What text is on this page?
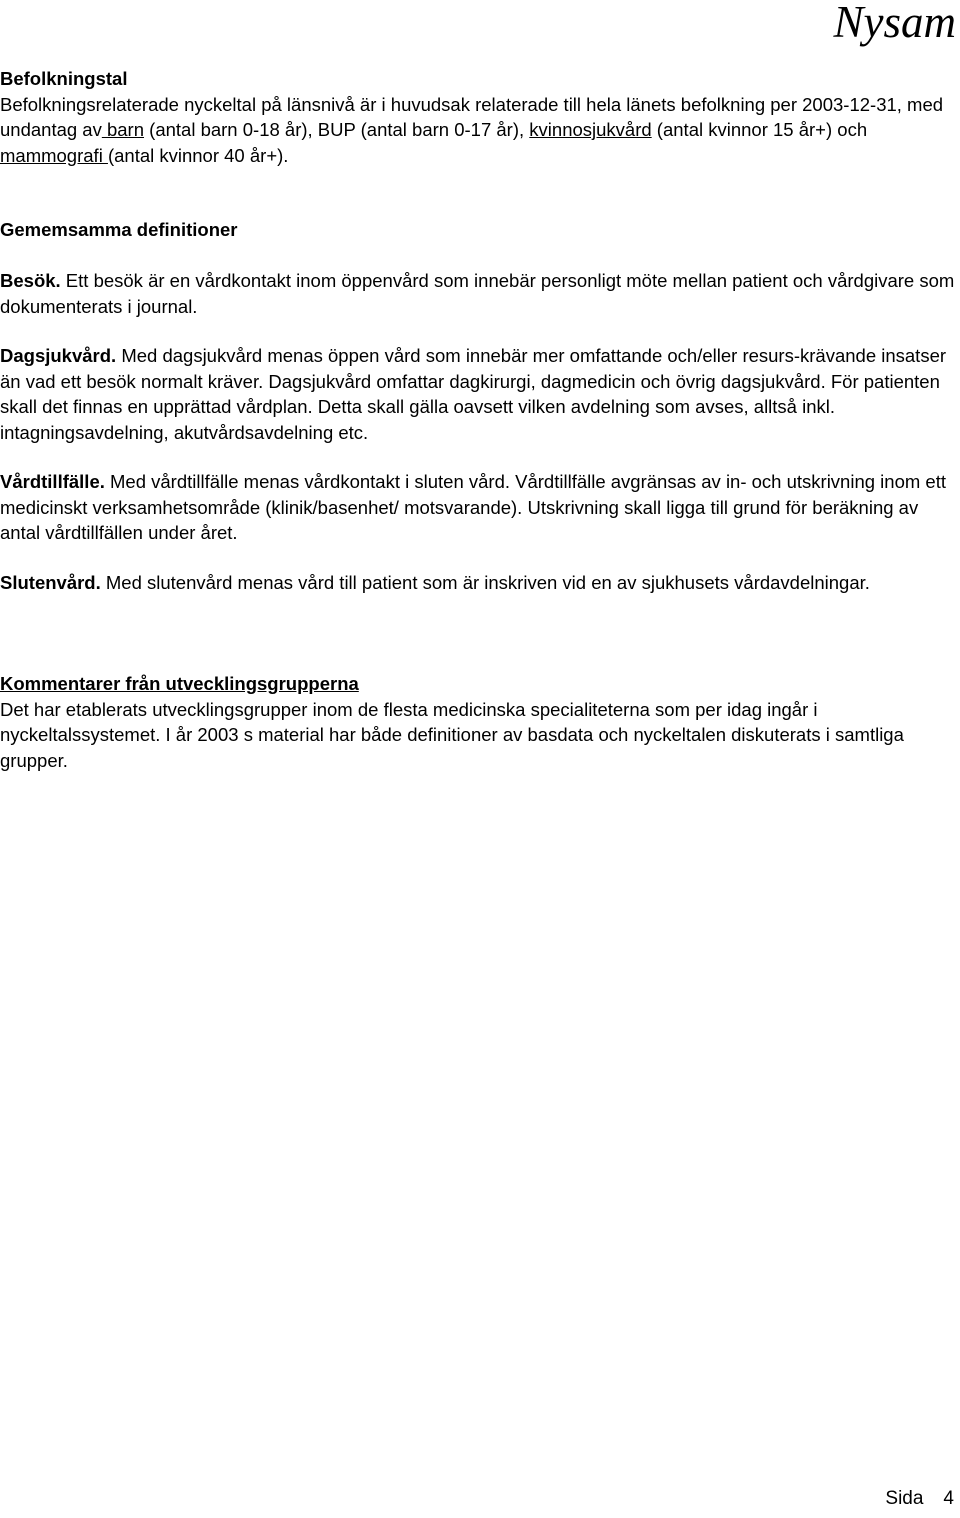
Nysam
Befolkningstal
Befolkningsrelaterade nyckeltal på länsnivå är i huvudsak relaterade till hela länets befolkning per 2003-12-31, med undantag av barn (antal barn 0-18 år), BUP (antal barn 0-17 år), kvinnosjukvård (antal kvinnor 15 år+) och mammografi (antal kvinnor 40 år+).
Gememsamma definitioner
Besök. Ett besök är en vårdkontakt inom öppenvård som innebär personligt möte mellan patient och vårdgivare som dokumenterats i journal.
Dagsjukvård. Med dagsjukvård menas öppen vård som innebär mer omfattande och/eller resurs-krävande insatser än vad ett besök normalt kräver. Dagsjukvård omfattar dagkirurgi, dagmedicin och övrig dagsjukvård. För patienten skall det finnas en upprättad vårdplan. Detta skall gälla oavsett vilken avdelning som avses, alltså inkl. intagningsavdelning, akutvårdsavdelning etc.
Vårdtillfälle. Med vårdtillfälle menas vårdkontakt i sluten vård. Vårdtillfälle avgränsas av in- och utskrivning inom ett medicinskt verksamhetsområde (klinik/basenhet/ motsvarande). Utskrivning skall ligga till grund för beräkning av antal vårdtillfällen under året.
Slutenvård. Med slutenvård menas vård till patient som är inskriven vid en av sjukhusets vårdavdelningar.
Kommentarer från utvecklingsgrupperna
Det har etablerats utvecklingsgrupper inom de flesta medicinska specialiteterna som per idag ingår i nyckeltalssystemet. I år 2003 s material har både definitioner av basdata och nyckeltalen diskuterats i samtliga grupper.
Sida 4
